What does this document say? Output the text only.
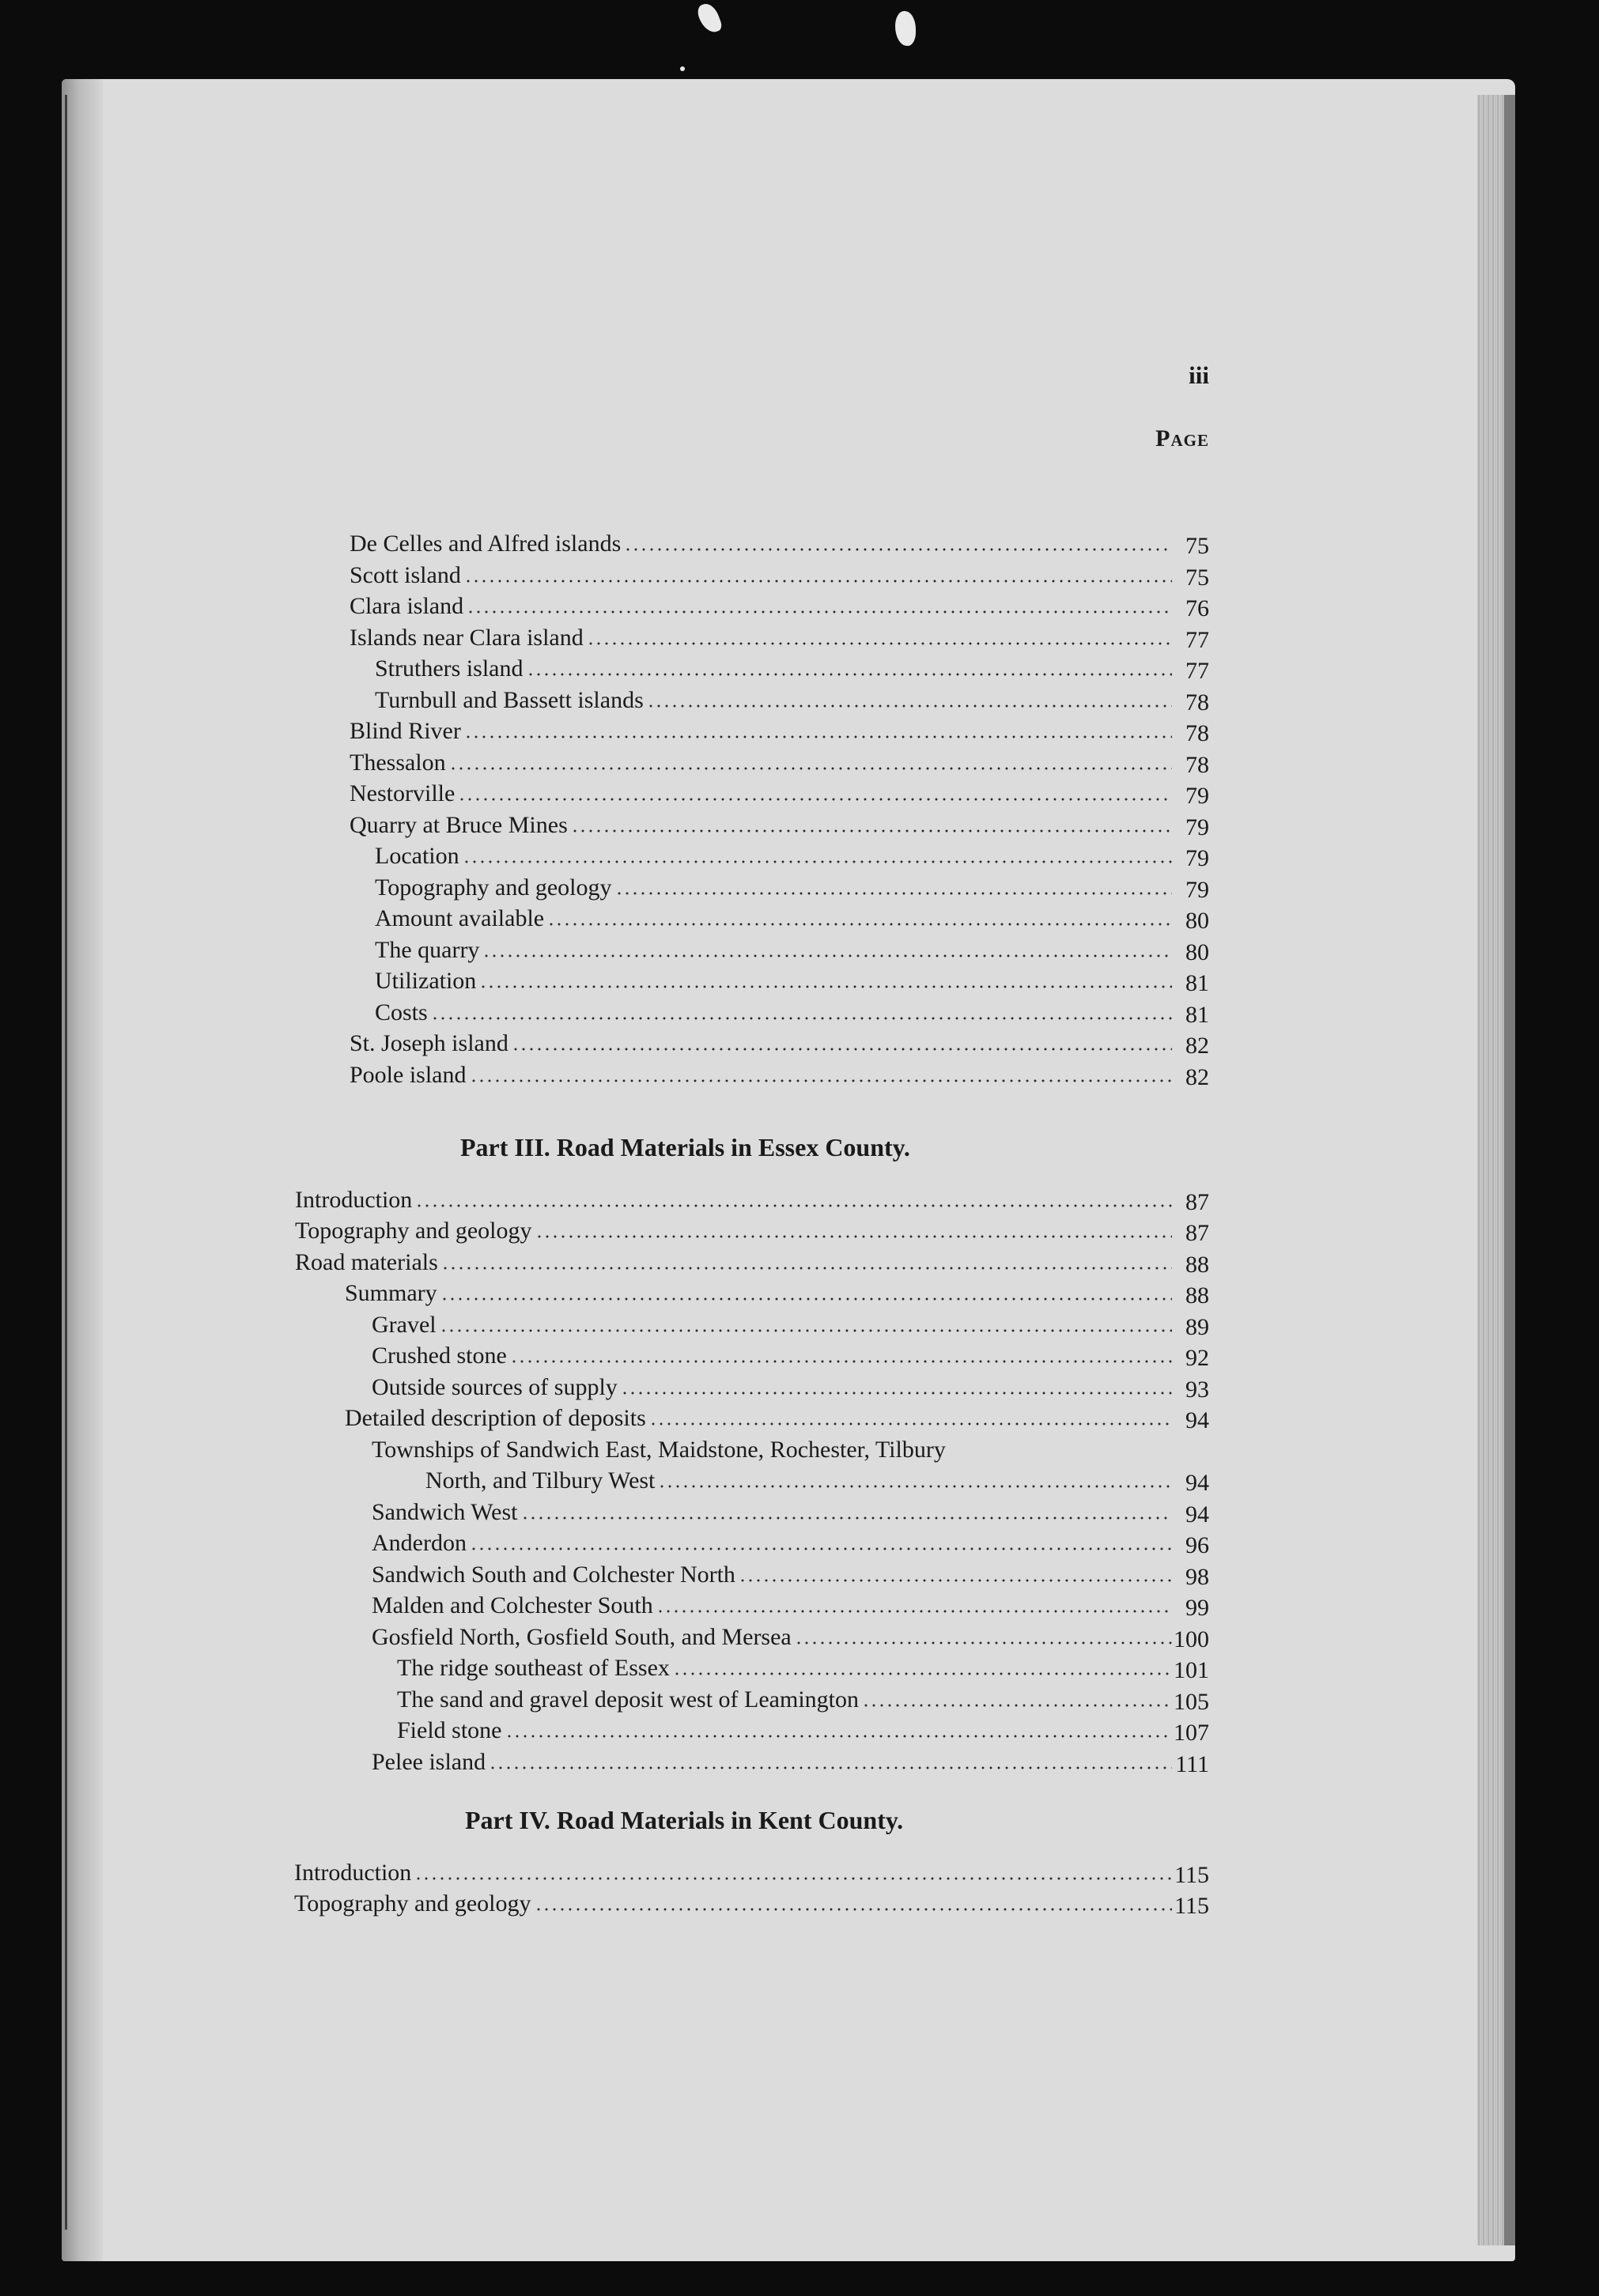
iii
Page
De Celles and Alfred islands	75
Scott island	75
Clara island	76
Islands near Clara island	77
Struthers island	77
Turnbull and Bassett islands	78
Blind River	78
Thessalon	78
Nestorville	79
Quarry at Bruce Mines	79
Location	79
Topography and geology	79
Amount available	80
The quarry	80
Utilization	81
Costs	81
St. Joseph island	82
Poole island	82
Part III. Road Materials in Essex County.
Introduction	87
Topography and geology	87
Road materials	88
Summary	88
Gravel	89
Crushed stone	92
Outside sources of supply	93
Detailed description of deposits	94
Townships of Sandwich East, Maidstone, Rochester, Tilbury
North, and Tilbury West	94
Sandwich West	94
Anderdon	96
Sandwich South and Colchester North	98
Malden and Colchester South	99
Gosfield North, Gosfield South, and Mersea	100
The ridge southeast of Essex	101
The sand and gravel deposit west of Leamington	105
Field stone	107
Pelee island	111
Part IV. Road Materials in Kent County.
Introduction	115
Topography and geology	115
